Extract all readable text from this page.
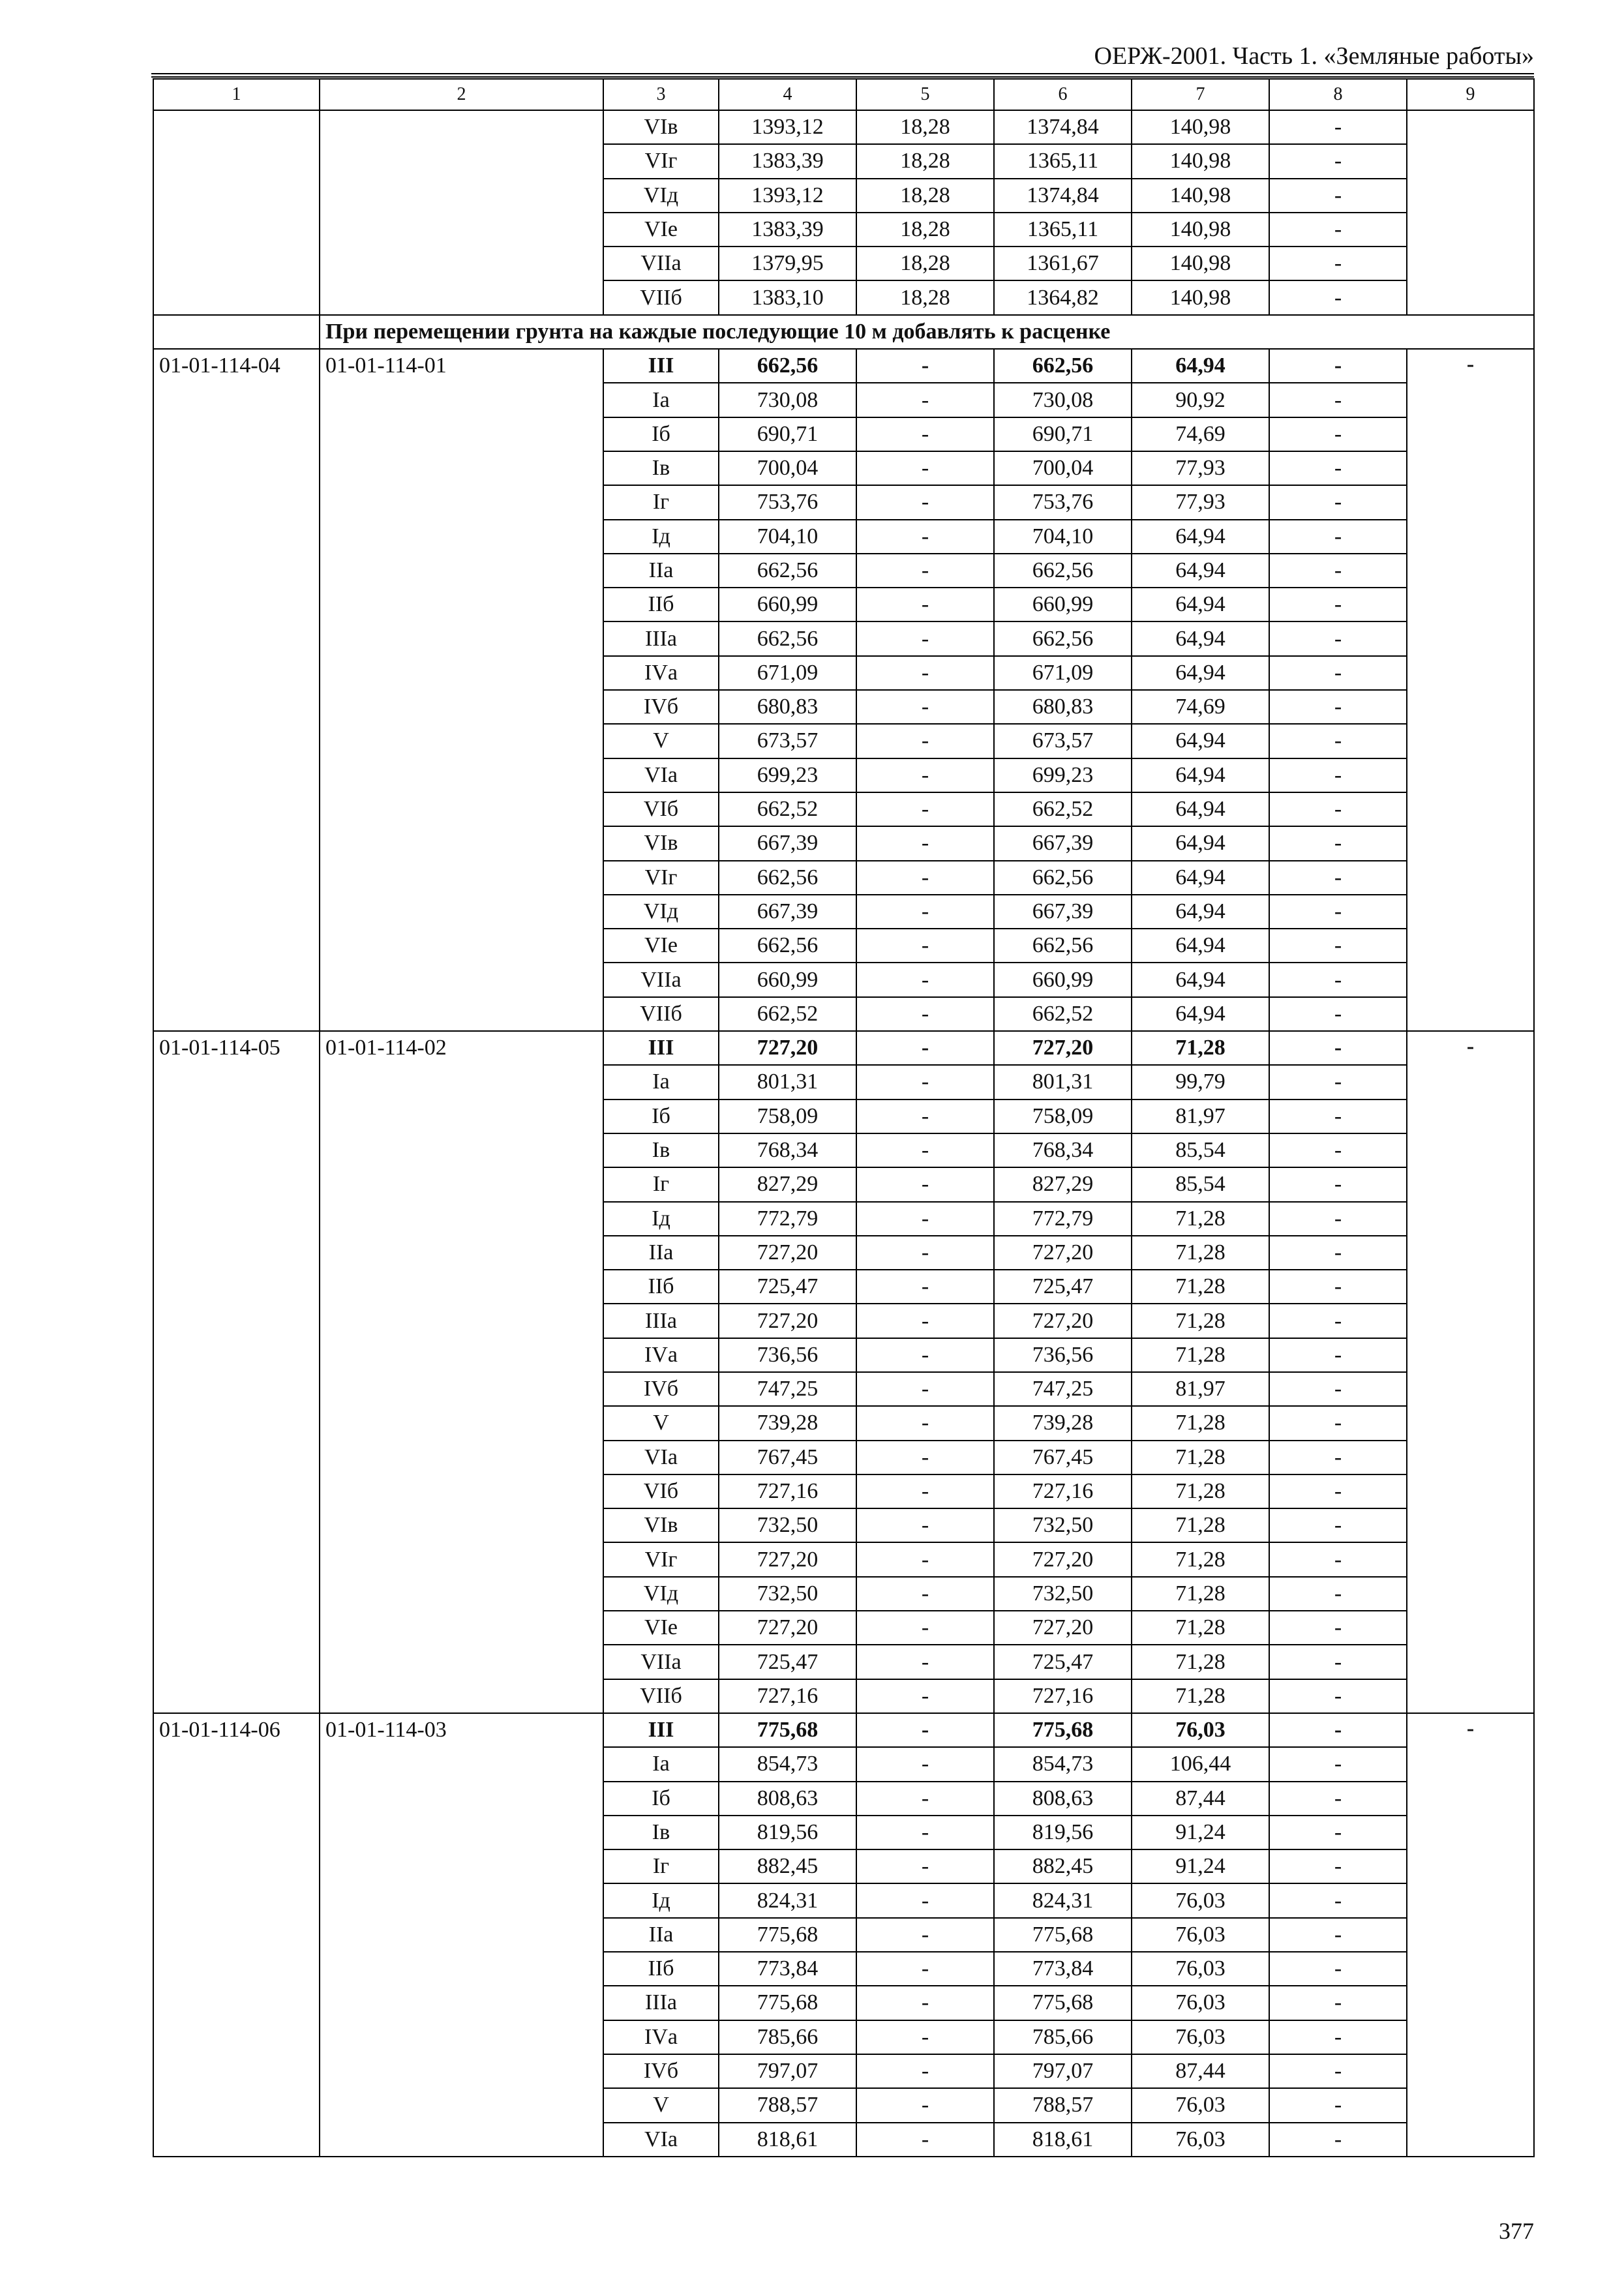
ОЕРЖ-2001. Часть 1. «Земляные работы»
1	2	3	4	5	6	7	8	9
		VIв	1393,12	18,28	1374,84	140,98	-	
		VIг	1383,39	18,28	1365,11	140,98	-	
		VIд	1393,12	18,28	1374,84	140,98	-	
		VIе	1383,39	18,28	1365,11	140,98	-	
		VIIа	1379,95	18,28	1361,67	140,98	-	
		VIIб	1383,10	18,28	1364,82	140,98	-	
	При перемещении грунта на каждые последующие 10 м добавлять к расценке							
01-01-114-04	01-01-114-01	III	662,56	-	662,56	64,94	-	-
		Iа	730,08	-	730,08	90,92	-	
		Iб	690,71	-	690,71	74,69	-	
		Iв	700,04	-	700,04	77,93	-	
		Iг	753,76	-	753,76	77,93	-	
		Iд	704,10	-	704,10	64,94	-	
		IIа	662,56	-	662,56	64,94	-	
		IIб	660,99	-	660,99	64,94	-	
		IIIа	662,56	-	662,56	64,94	-	
		IVа	671,09	-	671,09	64,94	-	
		IVб	680,83	-	680,83	74,69	-	
		V	673,57	-	673,57	64,94	-	
		VIа	699,23	-	699,23	64,94	-	
		VIб	662,52	-	662,52	64,94	-	
		VIв	667,39	-	667,39	64,94	-	
		VIг	662,56	-	662,56	64,94	-	
		VIд	667,39	-	667,39	64,94	-	
		VIе	662,56	-	662,56	64,94	-	
		VIIа	660,99	-	660,99	64,94	-	
		VIIб	662,52	-	662,52	64,94	-	
01-01-114-05	01-01-114-02	III	727,20	-	727,20	71,28	-	-
		Iа	801,31	-	801,31	99,79	-	
		Iб	758,09	-	758,09	81,97	-	
		Iв	768,34	-	768,34	85,54	-	
		Iг	827,29	-	827,29	85,54	-	
		Iд	772,79	-	772,79	71,28	-	
		IIа	727,20	-	727,20	71,28	-	
		IIб	725,47	-	725,47	71,28	-	
		IIIа	727,20	-	727,20	71,28	-	
		IVа	736,56	-	736,56	71,28	-	
		IVб	747,25	-	747,25	81,97	-	
		V	739,28	-	739,28	71,28	-	
		VIа	767,45	-	767,45	71,28	-	
		VIб	727,16	-	727,16	71,28	-	
		VIв	732,50	-	732,50	71,28	-	
		VIг	727,20	-	727,20	71,28	-	
		VIд	732,50	-	732,50	71,28	-	
		VIе	727,20	-	727,20	71,28	-	
		VIIа	725,47	-	725,47	71,28	-	
		VIIб	727,16	-	727,16	71,28	-	
01-01-114-06	01-01-114-03	III	775,68	-	775,68	76,03	-	-
		Iа	854,73	-	854,73	106,44	-	
		Iб	808,63	-	808,63	87,44	-	
		Iв	819,56	-	819,56	91,24	-	
		Iг	882,45	-	882,45	91,24	-	
		Iд	824,31	-	824,31	76,03	-	
		IIа	775,68	-	775,68	76,03	-	
		IIб	773,84	-	773,84	76,03	-	
		IIIа	775,68	-	775,68	76,03	-	
		IVа	785,66	-	785,66	76,03	-	
		IVб	797,07	-	797,07	87,44	-	
		V	788,57	-	788,57	76,03	-	
		VIа	818,61	-	818,61	76,03	-	
377
